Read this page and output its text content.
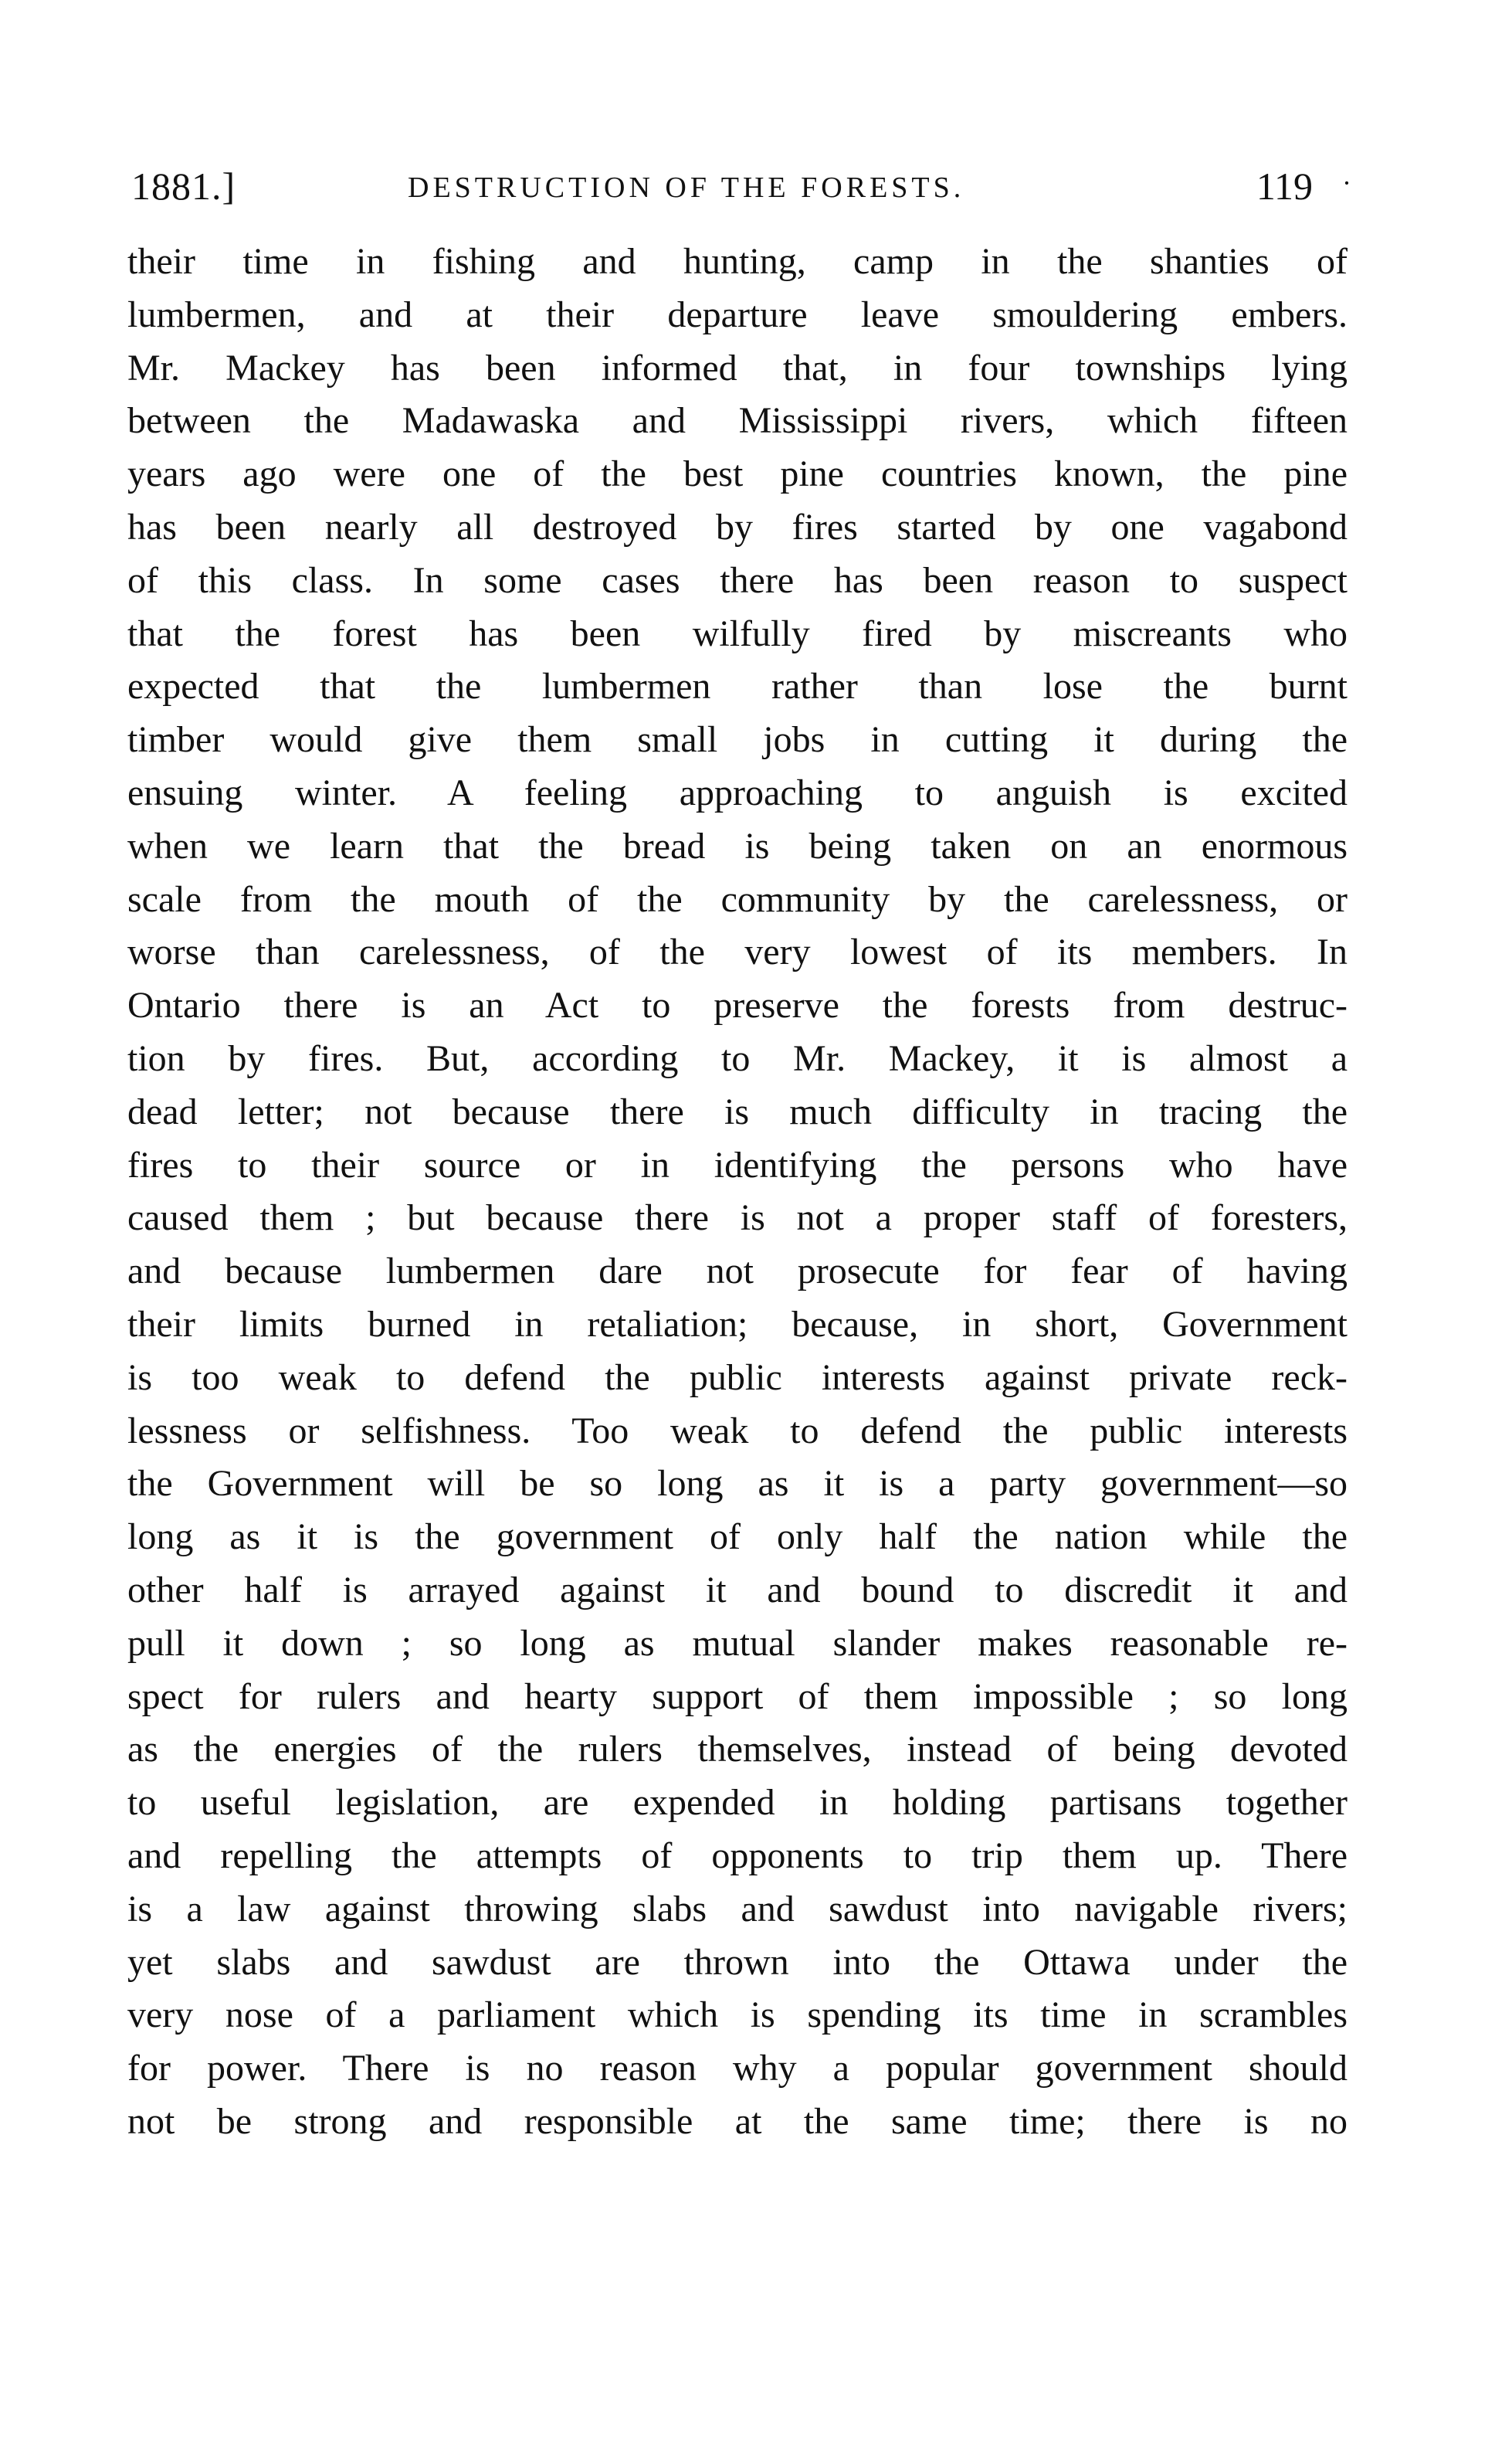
1881.]	DESTRUCTION OF THE FORESTS.	119 ·
their time in fishing and hunting, camp in the shanties of
lumbermen, and at their departure leave smouldering embers.
Mr. Mackey has been informed that, in four townships lying
between the Madawaska and Mississippi rivers, which fifteen
years ago were one of the best pine countries known, the pine
has been nearly all destroyed by fires started by one vagabond
of this class. In some cases there has been reason to suspect
that the forest has been wilfully fired by miscreants who
expected that the lumbermen rather than lose the burnt
timber would give them small jobs in cutting it during the
ensuing winter. A feeling approaching to anguish is excited
when we learn that the bread is being taken on an enormous
scale from the mouth of the community by the carelessness, or
worse than carelessness, of the very lowest of its members. In
Ontario there is an Act to preserve the forests from destruc-
tion by fires. But, according to Mr. Mackey, it is almost a
dead letter; not because there is much difficulty in tracing the
fires to their source or in identifying the persons who have
caused them ; but because there is not a proper staff of foresters,
and because lumbermen dare not prosecute for fear of having
their limits burned in retaliation; because, in short, Government
is too weak to defend the public interests against private reck-
lessness or selfishness. Too weak to defend the public interests
the Government will be so long as it is a party government—so
long as it is the government of only half the nation while the
other half is arrayed against it and bound to discredit it and
pull it down ; so long as mutual slander makes reasonable re-
spect for rulers and hearty support of them impossible ; so long
as the energies of the rulers themselves, instead of being devoted
to useful legislation, are expended in holding partisans together
and repelling the attempts of opponents to trip them up. There
is a law against throwing slabs and sawdust into navigable rivers;
yet slabs and sawdust are thrown into the Ottawa under the
very nose of a parliament which is spending its time in scrambles
for power. There is no reason why a popular government should
not be strong and responsible at the same time; there is no
